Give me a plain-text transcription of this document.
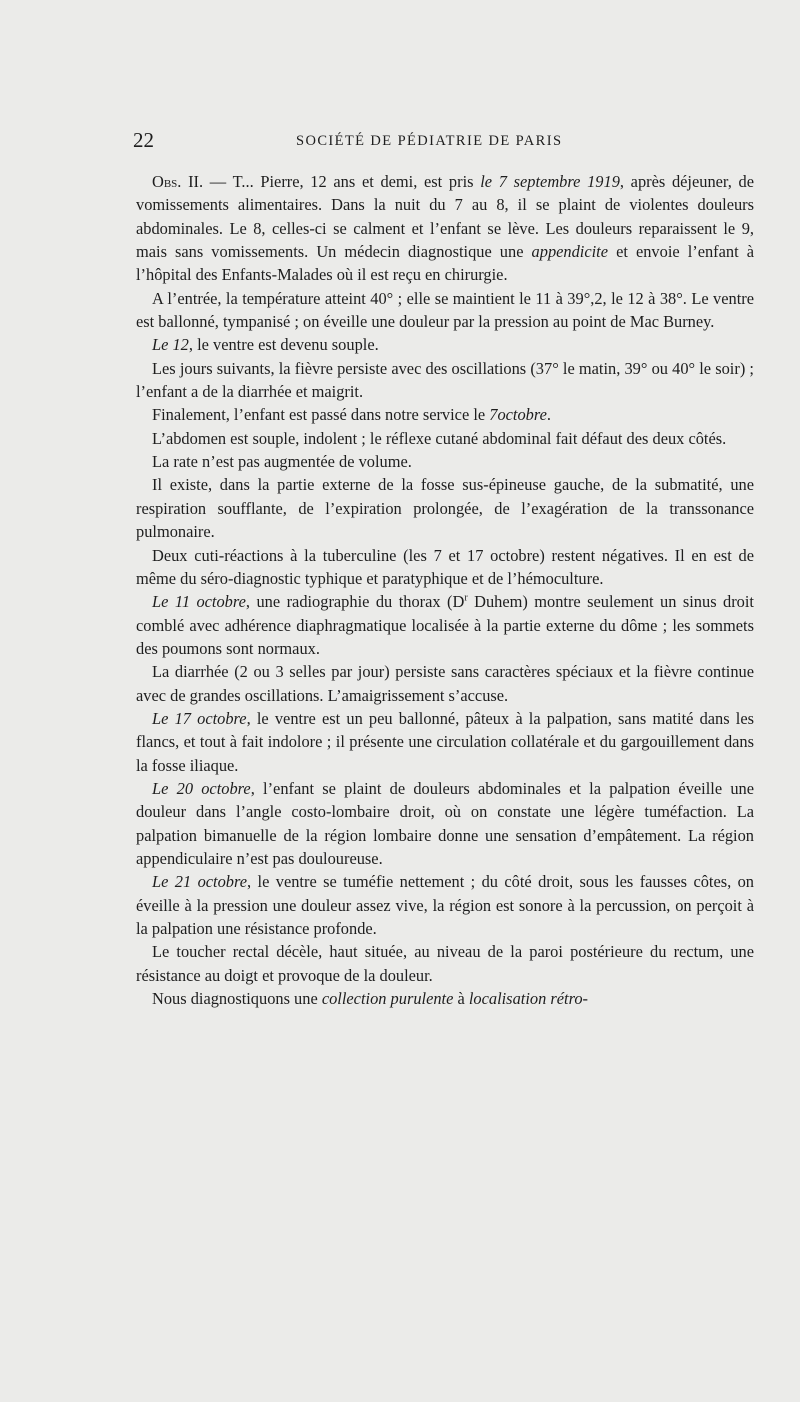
22	SOCIÉTÉ DE PÉDIATRIE DE PARIS

Obs. II. — T... Pierre, 12 ans et demi, est pris le 7 septembre 1919, après déjeuner, de vomissements alimentaires. Dans la nuit du 7 au 8, il se plaint de violentes douleurs abdominales. Le 8, celles-ci se calment et l’enfant se lève. Les douleurs reparaissent le 9, mais sans vomissements. Un médecin diagnostique une appendicite et envoie l’enfant à l’hôpital des Enfants-Malades où il est reçu en chirurgie.

A l’entrée, la température atteint 40° ; elle se maintient le 11 à 39°,2, le 12 à 38°. Le ventre est ballonné, tympanisé ; on éveille une douleur par la pression au point de Mac Burney.

Le 12, le ventre est devenu souple.

Les jours suivants, la fièvre persiste avec des oscillations (37° le matin, 39° ou 40° le soir) ; l’enfant a de la diarrhée et maigrit.

Finalement, l’enfant est passé dans notre service le 7octobre.

L’abdomen est souple, indolent ; le réflexe cutané abdominal fait défaut des deux côtés.

La rate n’est pas augmentée de volume.

Il existe, dans la partie externe de la fosse sus-épineuse gauche, de la submatité, une respiration soufflante, de l’expiration prolongée, de l’exagération de la transsonance pulmonaire.

Deux cuti-réactions à la tuberculine (les 7 et 17 octobre) restent négatives. Il en est de même du séro-diagnostic typhique et paratyphique et de l’hémoculture.

Le 11 octobre, une radiographie du thorax ($D^r$ Duhem) montre seulement un sinus droit comblé avec adhérence diaphragmatique localisée à la partie externe du dôme ; les sommets des poumons sont normaux.

La diarrhée (2 ou 3 selles par jour) persiste sans caractères spéciaux et la fièvre continue avec de grandes oscillations. L’amaigrissement s’accuse.

Le 17 octobre, le ventre est un peu ballonné, pâteux à la palpation, sans matité dans les flancs, et tout à fait indolore ; il présente une circulation collatérale et du gargouillement dans la fosse iliaque.

Le 20 octobre, l’enfant se plaint de douleurs abdominales et la palpation éveille une douleur dans l’angle costo-lombaire droit, où on constate une légère tuméfaction. La palpation bimanuelle de la région lombaire donne une sensation d’empâtement. La région appendiculaire n’est pas douloureuse.

Le 21 octobre, le ventre se tuméfie nettement ; du côté droit, sous les fausses côtes, on éveille à la pression une douleur assez vive, la région est sonore à la percussion, on perçoit à la palpation une résistance profonde.

Le toucher rectal décèle, haut située, au niveau de la paroi postérieure du rectum, une résistance au doigt et provoque de la douleur.

Nous diagnostiquons une collection purulente à localisation rétro-
